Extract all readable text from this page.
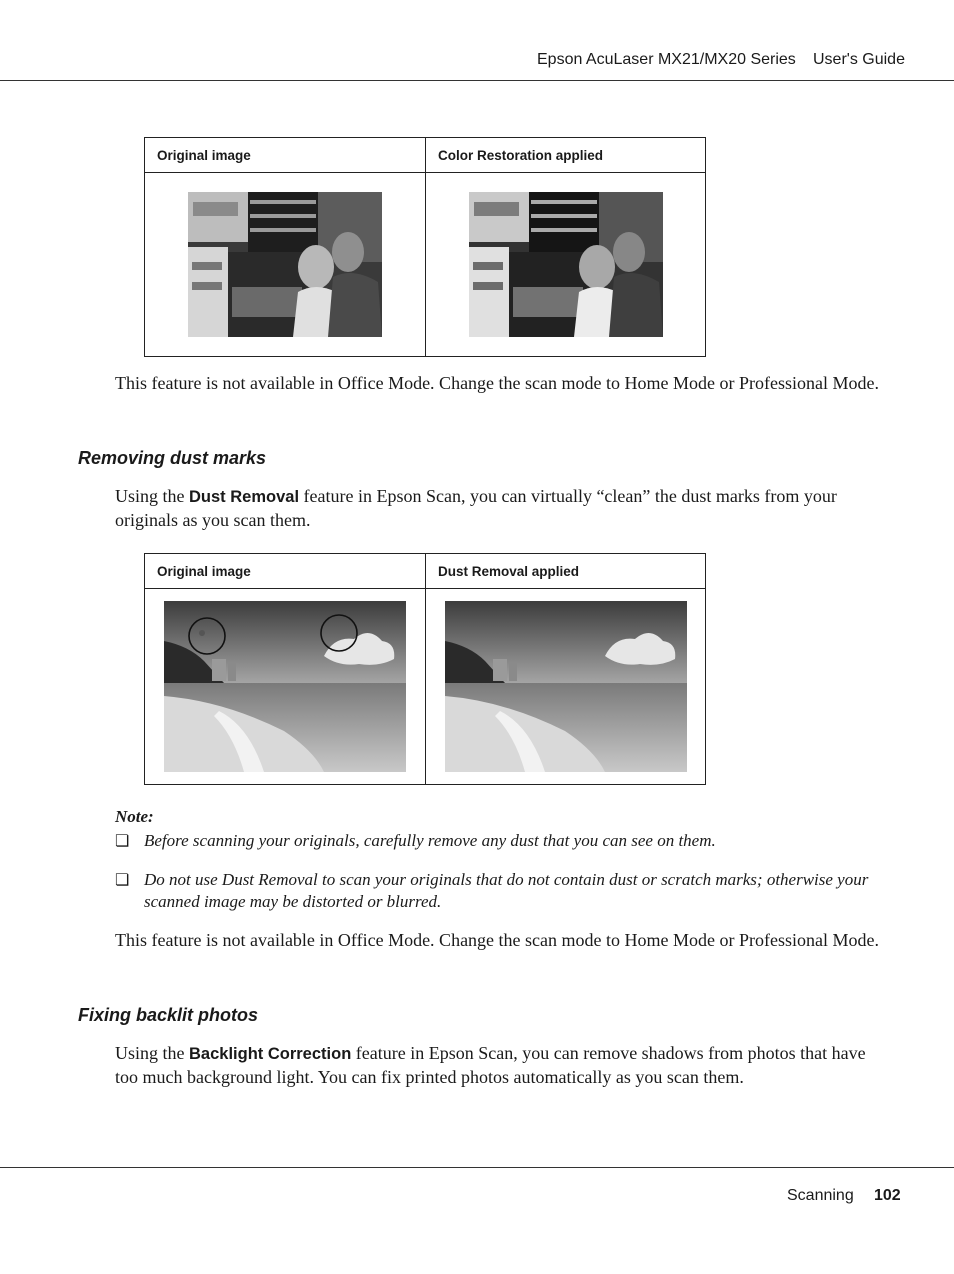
Epson AcuLaser MX21/MX20 Series User's Guide
Original image	Color Restoration applied

This feature is not available in Office Mode. Change the scan mode to Home Mode or Professional Mode.

Removing dust marks

Using the Dust Removal feature in Epson Scan, you can virtually “clean” the dust marks from your originals as you scan them.

Original image	Dust Removal applied

Note:
❏ Before scanning your originals, carefully remove any dust that you can see on them.

❏ Do not use Dust Removal to scan your originals that do not contain dust or scratch marks; otherwise your scanned image may be distorted or blurred.

This feature is not available in Office Mode. Change the scan mode to Home Mode or Professional Mode.

Fixing backlit photos

Using the Backlight Correction feature in Epson Scan, you can remove shadows from photos that have too much background light. You can fix printed photos automatically as you scan them.

Scanning 102
